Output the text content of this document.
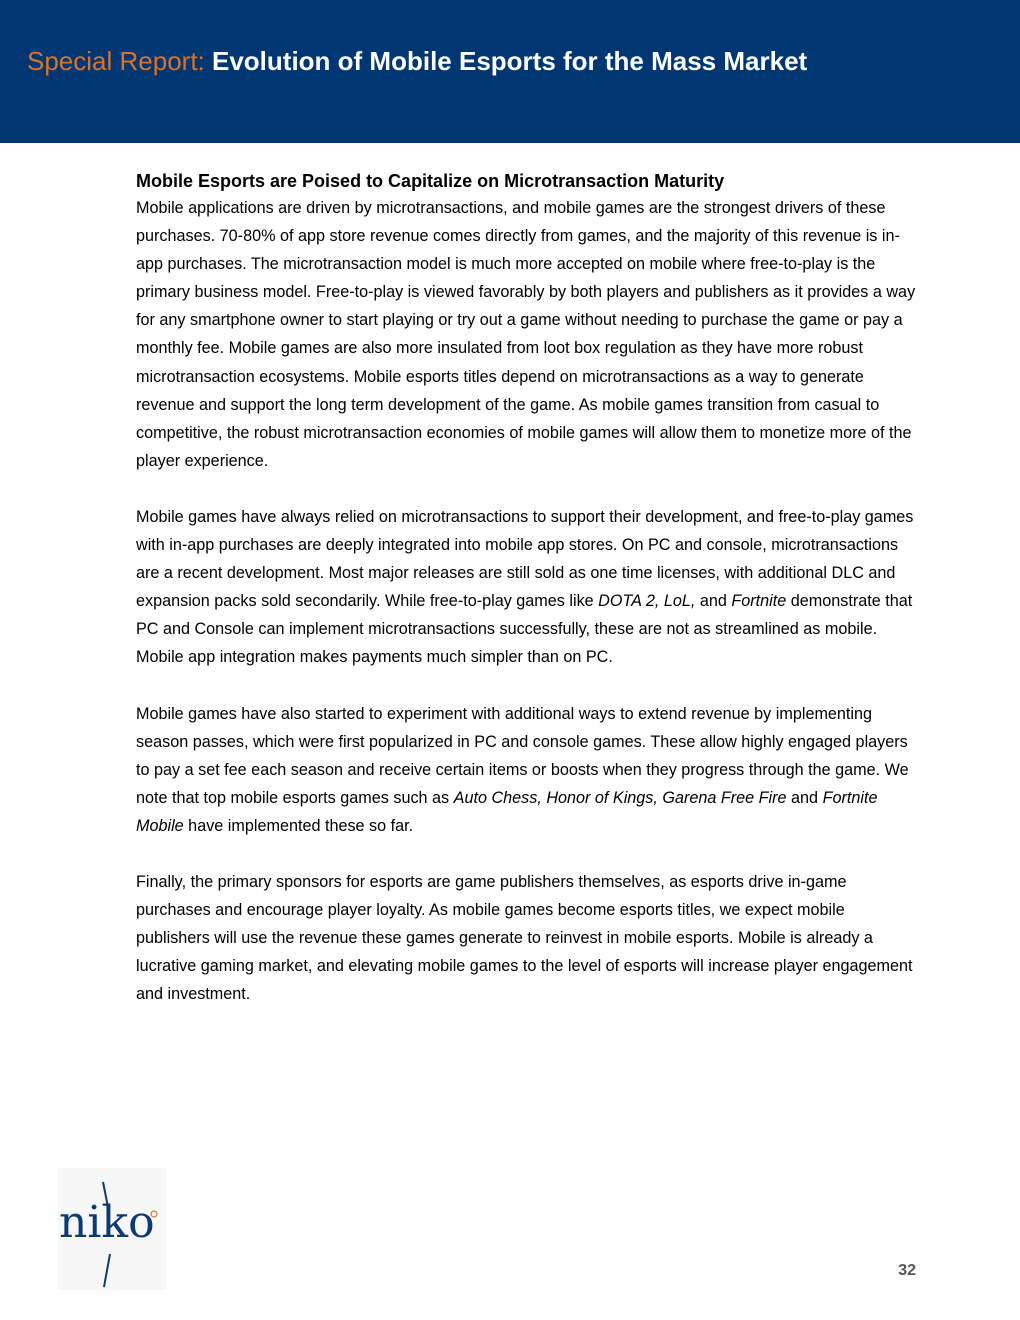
Special Report: Evolution of Mobile Esports for the Mass Market
Mobile Esports are Poised to Capitalize on Microtransaction Maturity

Mobile applications are driven by microtransactions, and mobile games are the strongest drivers of these purchases. 70-80% of app store revenue comes directly from games, and the majority of this revenue is in-app purchases. The microtransaction model is much more accepted on mobile where free-to-play is the primary business model. Free-to-play is viewed favorably by both players and publishers as it provides a way for any smartphone owner to start playing or try out a game without needing to purchase the game or pay a monthly fee. Mobile games are also more insulated from loot box regulation as they have more robust microtransaction ecosystems. Mobile esports titles depend on microtransactions as a way to generate revenue and support the long term development of the game. As mobile games transition from casual to competitive, the robust microtransaction economies of mobile games will allow them to monetize more of the player experience.

Mobile games have always relied on microtransactions to support their development, and free-to-play games with in-app purchases are deeply integrated into mobile app stores. On PC and console, microtransactions are a recent development. Most major releases are still sold as one time licenses, with additional DLC and expansion packs sold secondarily. While free-to-play games like DOTA 2, LoL, and Fortnite demonstrate that PC and Console can implement microtransactions successfully, these are not as streamlined as mobile. Mobile app integration makes payments much simpler than on PC.

Mobile games have also started to experiment with additional ways to extend revenue by implementing season passes, which were first popularized in PC and console games. These allow highly engaged players to pay a set fee each season and receive certain items or boosts when they progress through the game. We note that top mobile esports games such as Auto Chess, Honor of Kings, Garena Free Fire and Fortnite Mobile have implemented these so far.

Finally, the primary sponsors for esports are game publishers themselves, as esports drive in-game purchases and encourage player loyalty. As mobile games become esports titles, we expect mobile publishers will use the revenue these games generate to reinvest in mobile esports. Mobile is already a lucrative gaming market, and elevating mobile games to the level of esports will increase player engagement and investment.

niko
32
